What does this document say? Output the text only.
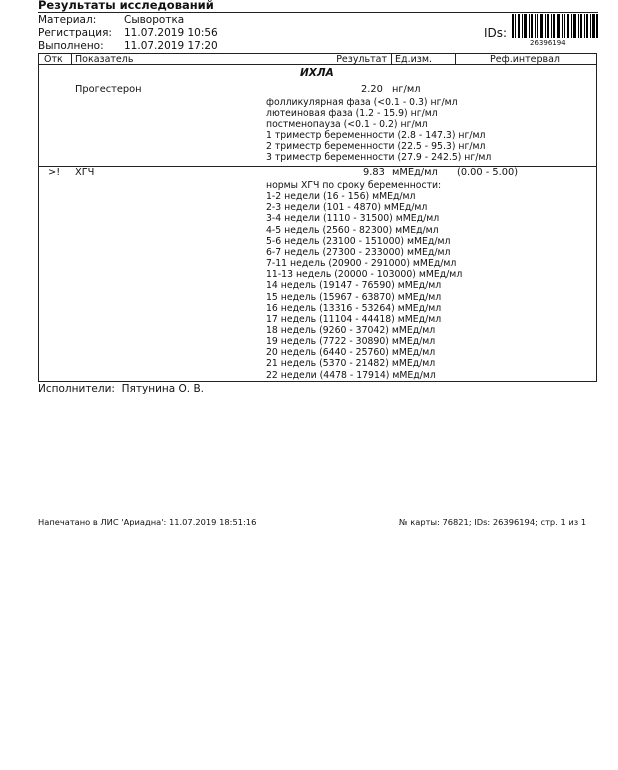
Результаты исследований
Материал:	Сыворотка
Регистрация: 11.07.2019 10:56
Выполнено: 11.07.2019 17:20
IDs:
26396194
Отк	Показатель	Результат Ед.изм.	Реф.интервал
ИХЛА
Прогестерон	2.20 нг/мл
фолликулярная фаза (<0.1 - 0.3) нг/мл
лютеиновая фаза (1.2 - 15.9) нг/мл
постменопауза (<0.1 - 0.2) нг/мл
1 триместр беременности (2.8 - 147.3) нг/мл
2 триместр беременности (22.5 - 95.3) нг/мл
3 триместр беременности (27.9 - 242.5) нг/мл
>! ХГЧ	9.83 мМЕд/мл (0.00 - 5.00)
нормы ХГЧ по сроку беременности:
1-2 недели (16 - 156) мМЕд/мл
2-3 недели (101 - 4870) мМЕд/мл
3-4 недели (1110 - 31500) мМЕд/мл
4-5 недель (2560 - 82300) мМЕд/мл
5-6 недель (23100 - 151000) мМЕд/мл
6-7 недель (27300 - 233000) мМЕд/мл
7-11 недель (20900 - 291000) мМЕд/мл
11-13 недель (20000 - 103000) мМЕд/мл
14 недель (19147 - 76590) мМЕд/мл
15 недель (15967 - 63870) мМЕд/мл
16 недель (13316 - 53264) мМЕд/мл
17 недель (11104 - 44418) мМЕд/мл
18 недель (9260 - 37042) мМЕд/мл
19 недель (7722 - 30890) мМЕд/мл
20 недель (6440 - 25760) мМЕд/мл
21 недель (5370 - 21482) мМЕд/мл
22 недели (4478 - 17914) мМЕд/мл
Исполнители: Пятунина О. В.
Напечатано в ЛИС 'Ариадна': 11.07.2019 18:51:16	№ карты: 76821; IDs: 26396194; стр. 1 из 1
